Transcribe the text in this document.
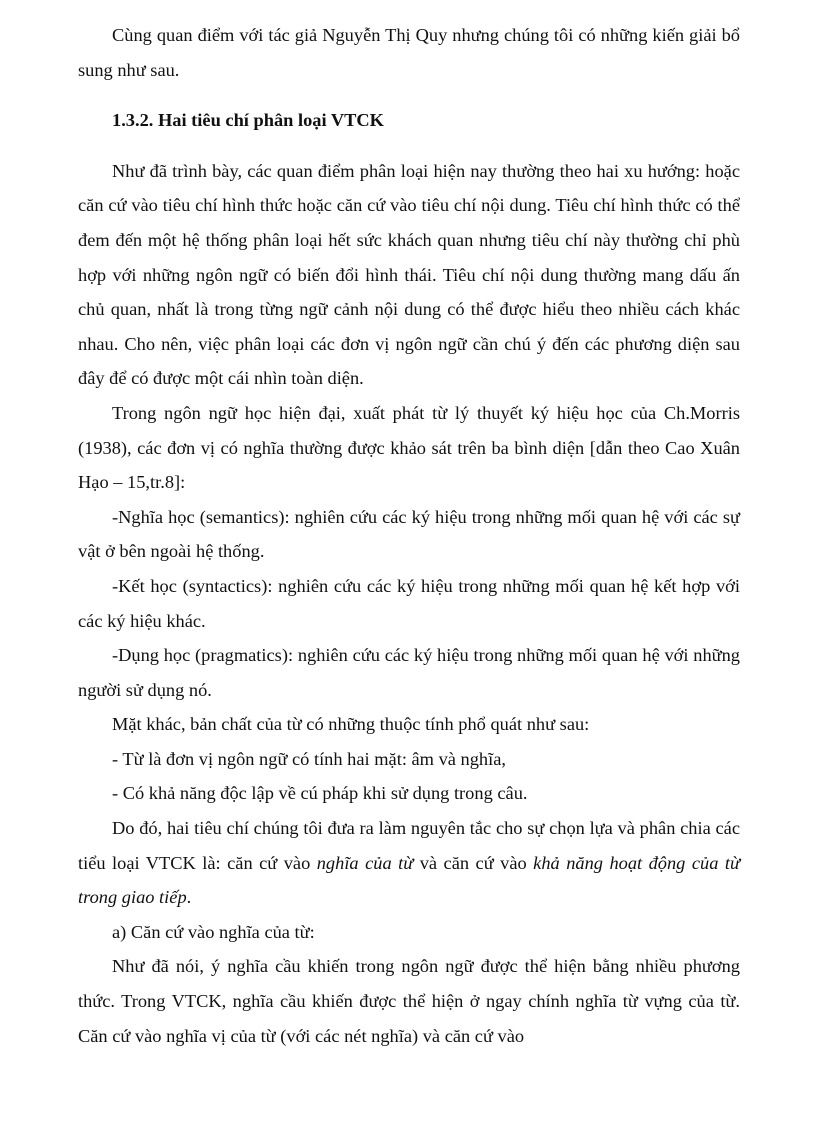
Cùng quan điểm với tác giả Nguyễn Thị Quy nhưng chúng tôi có những kiến giải bổ sung như sau.

1.3.2. Hai tiêu chí phân loại VTCK

Như đã trình bày, các quan điểm phân loại hiện nay thường theo hai xu hướng: hoặc căn cứ vào tiêu chí hình thức hoặc căn cứ vào tiêu chí nội dung. Tiêu chí hình thức có thể đem đến một hệ thống phân loại hết sức khách quan nhưng tiêu chí này thường chỉ phù hợp với những ngôn ngữ có biến đổi hình thái. Tiêu chí nội dung thường mang dấu ấn chủ quan, nhất là trong từng ngữ cảnh nội dung có thể được hiểu theo nhiều cách khác nhau. Cho nên, việc phân loại các đơn vị ngôn ngữ cần chú ý đến các phương diện sau đây để có được một cái nhìn toàn diện.

Trong ngôn ngữ học hiện đại, xuất phát từ lý thuyết ký hiệu học của Ch.Morris (1938), các đơn vị có nghĩa thường được khảo sát trên ba bình diện [dẫn theo Cao Xuân Hạo – 15,tr.8]:

-Nghĩa học (semantics): nghiên cứu các ký hiệu trong những mối quan hệ với các sự vật ở bên ngoài hệ thống.

-Kết học (syntactics): nghiên cứu các ký hiệu trong những mối quan hệ kết hợp với các ký hiệu khác.

-Dụng học (pragmatics): nghiên cứu các ký hiệu trong những mối quan hệ với những người sử dụng nó.

Mặt khác, bản chất của từ có những thuộc tính phổ quát như sau:

- Từ là đơn vị ngôn ngữ có tính hai mặt: âm và nghĩa,

- Có khả năng độc lập về cú pháp khi sử dụng trong câu.

Do đó, hai tiêu chí chúng tôi đưa ra làm nguyên tắc cho sự chọn lựa và phân chia các tiểu loại VTCK là: căn cứ vào nghĩa của từ và căn cứ vào khả năng hoạt động của từ trong giao tiếp.

a) Căn cứ vào nghĩa của từ:

Như đã nói, ý nghĩa cầu khiến trong ngôn ngữ được thể hiện bằng nhiều phương thức. Trong VTCK, nghĩa cầu khiến được thể hiện ở ngay chính nghĩa từ vựng của từ. Căn cứ vào nghĩa vị của từ (với các nét nghĩa) và căn cứ vào
